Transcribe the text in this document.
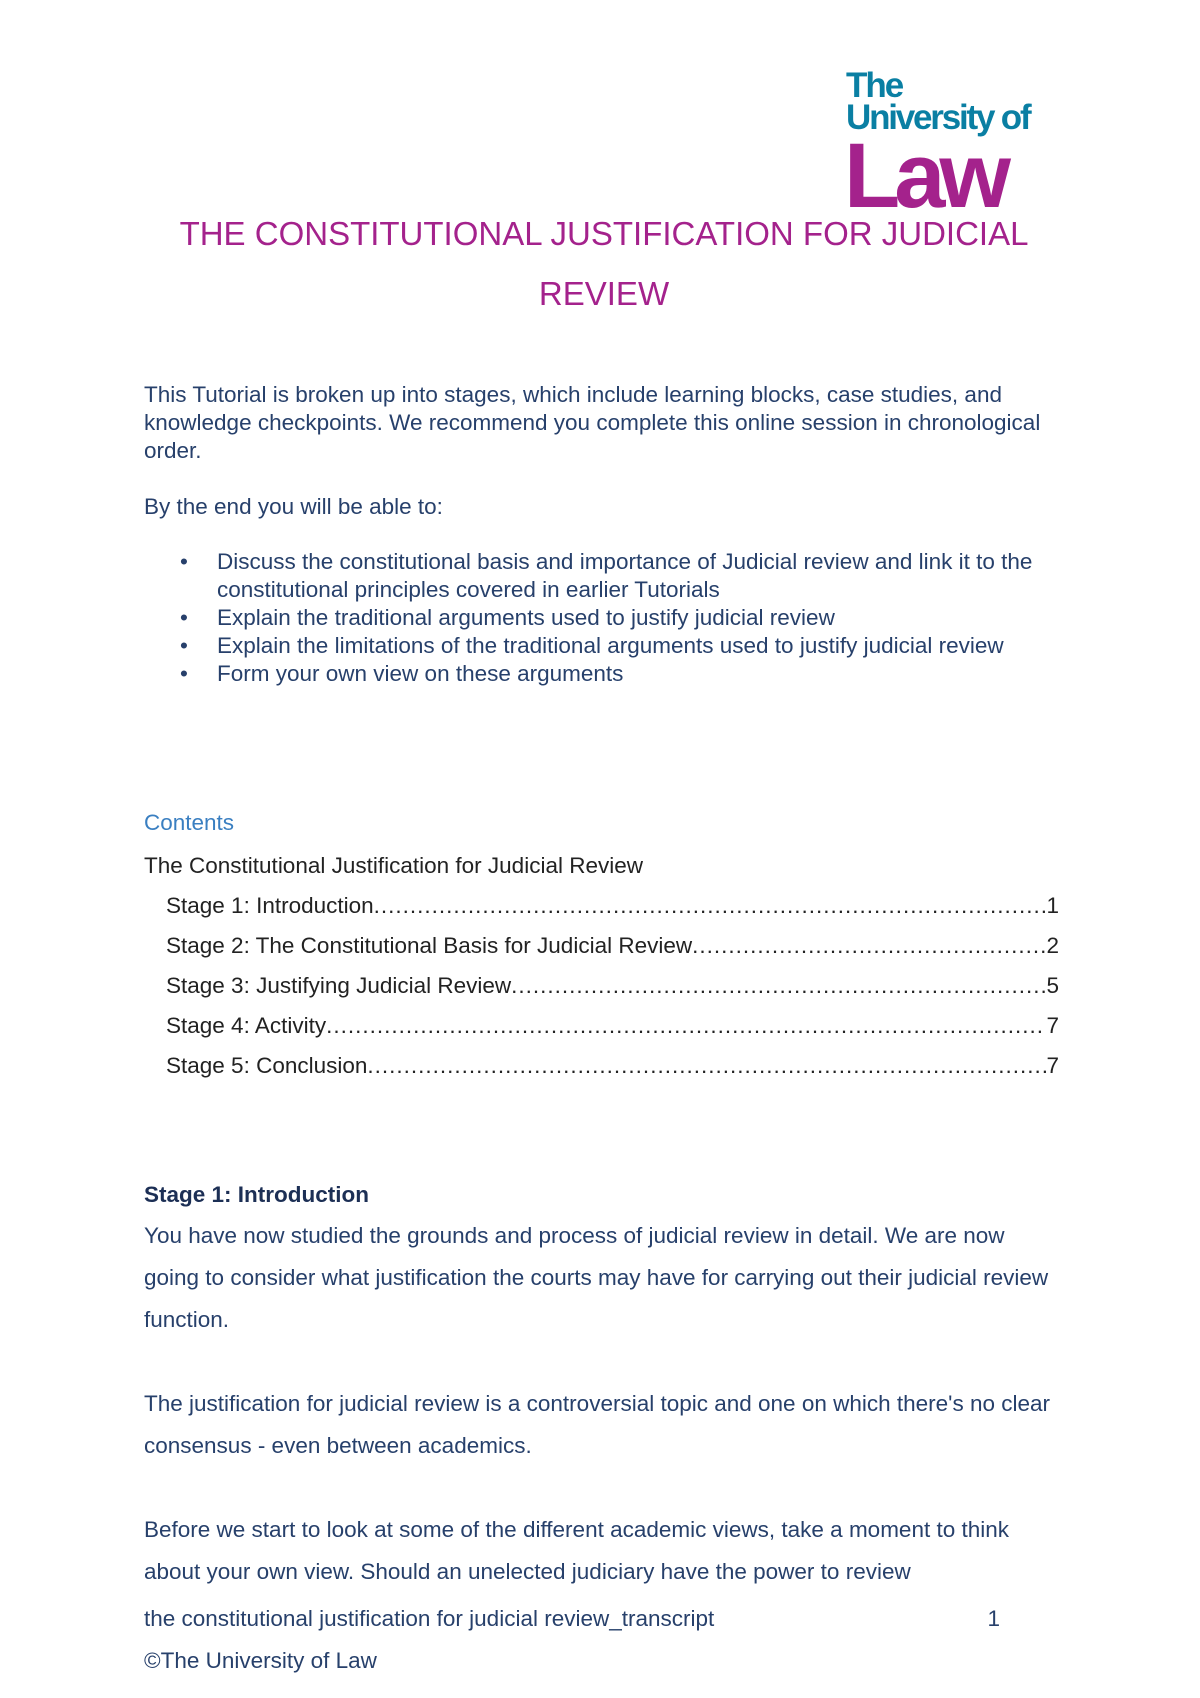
The
University of
Law
THE CONSTITUTIONAL JUSTIFICATION FOR JUDICIAL
REVIEW
This Tutorial is broken up into stages, which include learning blocks, case studies, and knowledge checkpoints. We recommend you complete this online session in chronological order.
By the end you will be able to:
• Discuss the constitutional basis and importance of Judicial review and link it to the constitutional principles covered in earlier Tutorials
• Explain the traditional arguments used to justify judicial review
• Explain the limitations of the traditional arguments used to justify judicial review
• Form your own view on these arguments
Contents
The Constitutional Justification for Judicial Review
Stage 1: Introduction .....	1
Stage 2: The Constitutional Basis for Judicial Review .....	2
Stage 3: Justifying Judicial Review .....	5
Stage 4: Activity .....	7
Stage 5: Conclusion .....	7
Stage 1: Introduction
You have now studied the grounds and process of judicial review in detail. We are now going to consider what justification the courts may have for carrying out their judicial review function.
The justification for judicial review is a controversial topic and one on which there's no clear consensus - even between academics.
Before we start to look at some of the different academic views, take a moment to think about your own view. Should an unelected judiciary have the power to review
the constitutional justification for judicial review_transcript	1
©The University of Law
